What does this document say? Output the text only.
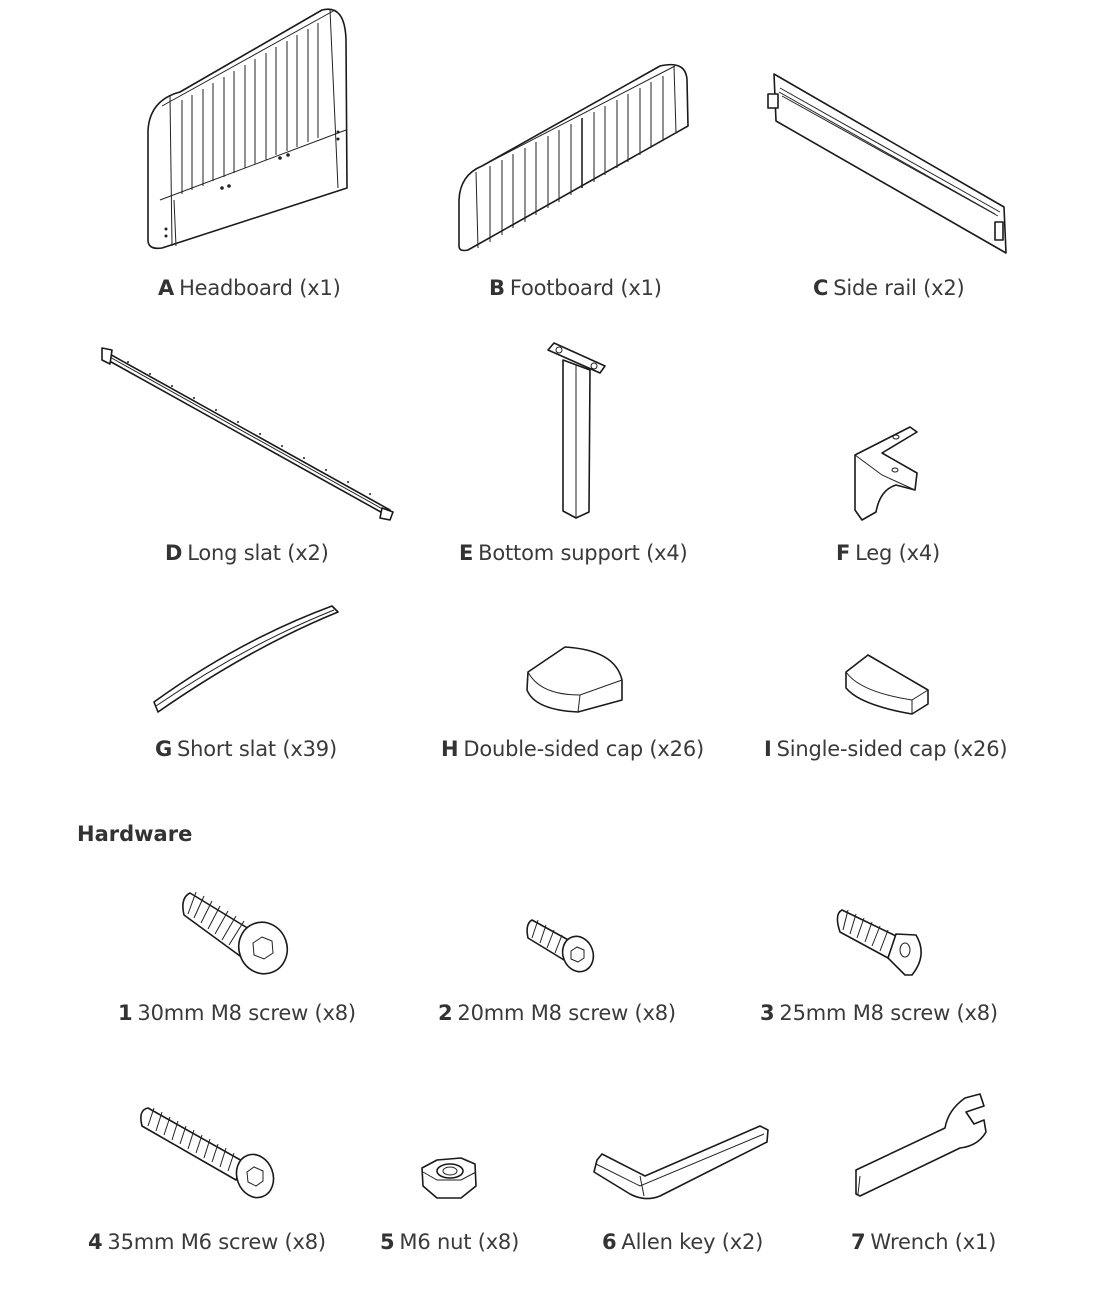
A Headboard (x1)	B Footboard (x1)	C Side rail (x2)
D Long slat (x2)	E Bottom support (x4)	F Leg (x4)
G Short slat (x39)	H Double-sided cap (x26)	I Single-sided cap (x26)
Hardware
1 30mm M8 screw (x8)	2 20mm M8 screw (x8)	3 25mm M8 screw (x8)
4 35mm M6 screw (x8)	5 M6 nut (x8)	6 Allen key (x2)	7 Wrench (x1)
